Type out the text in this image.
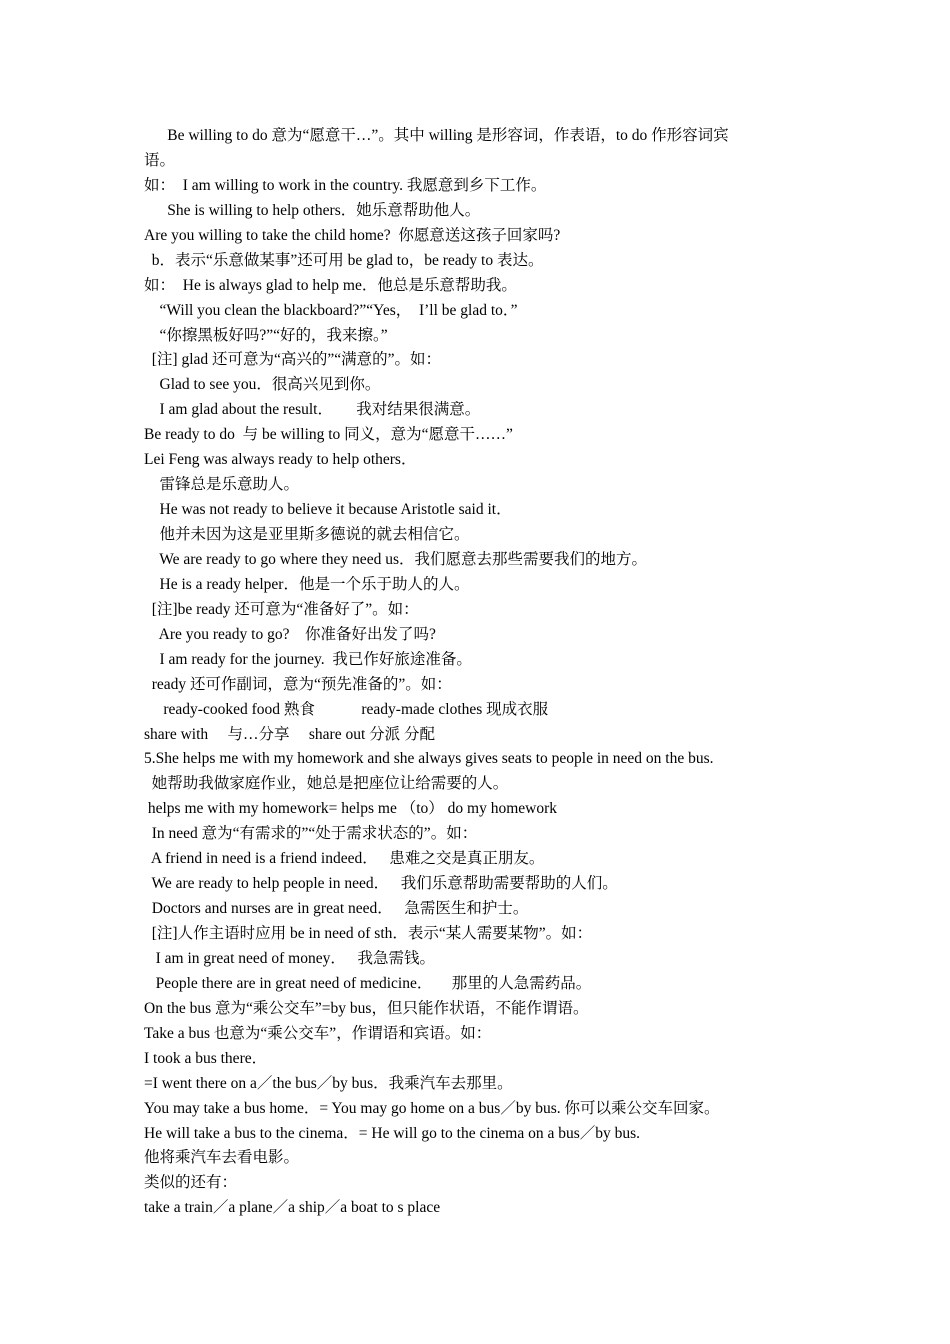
Be willing to do 意为“愿意干…”。其中 willing 是形容词，作表语，to do 作形容词宾
语。
如：  I am willing to work in the country. 我愿意到乡下工作。
She is willing to help others．她乐意帮助他人。
Are you willing to take the child home?  你愿意送这孩子回家吗?
b．表示“乐意做某事”还可用 be glad to，be ready to 表达。
如：  He is always glad to help me．他总是乐意帮助我。
“Will you clean the blackboard?”“Yes，  I’ll be glad to．”
“你擦黑板好吗?”“好的，我来擦。”
[注] glad 还可意为“高兴的”“满意的”。如：
Glad to see you．很高兴见到你。
I am glad about the result．      我对结果很满意。
Be ready to do  与 be willing to 同义，意为“愿意干……”
Lei Feng was always ready to help others．
雷锋总是乐意助人。
He was not ready to believe it because Aristotle said it．
他并未因为这是亚里斯多德说的就去相信它。
We are ready to go where they need us．我们愿意去那些需要我们的地方。
He is a ready helper．他是一个乐于助人的人。
[注]be ready 还可意为“准备好了”。如：
Are you ready to go?    你准备好出发了吗?
I am ready for the journey.  我已作好旅途准备。
ready 还可作副词，意为“预先准备的”。如：
ready-cooked food 熟食            ready-made clothes 现成衣服
share with     与…分享     share out 分派 分配
5.She helps me with my homework and she always gives seats to people in need on the bus.
她帮助我做家庭作业，她总是把座位让给需要的人。
helps me with my homework= helps me （to） do my homework
In need 意为“有需求的”“处于需求状态的”。如：
A friend in need is a friend indeed．   患难之交是真正朋友。
We are ready to help people in need．   我们乐意帮助需要帮助的人们。
Doctors and nurses are in great need．   急需医生和护士。
[注]人作主语时应用 be in need of sth．表示“某人需要某物”。如：
I am in great need of money．   我急需钱。
People there are in great need of medicine．     那里的人急需药品。
On the bus 意为“乘公交车”=by bus，但只能作状语，不能作谓语。
Take a bus 也意为“乘公交车”，作谓语和宾语。如：
I took a bus there．
=I went there on a／the bus／by bus．我乘汽车去那里。
You may take a bus home．= You may go home on a bus／by bus. 你可以乘公交车回家。
He will take a bus to the cinema．= He will go to the cinema on a bus／by bus.
他将乘汽车去看电影。
类似的还有：
take a train／a plane／a ship／a boat to s place
